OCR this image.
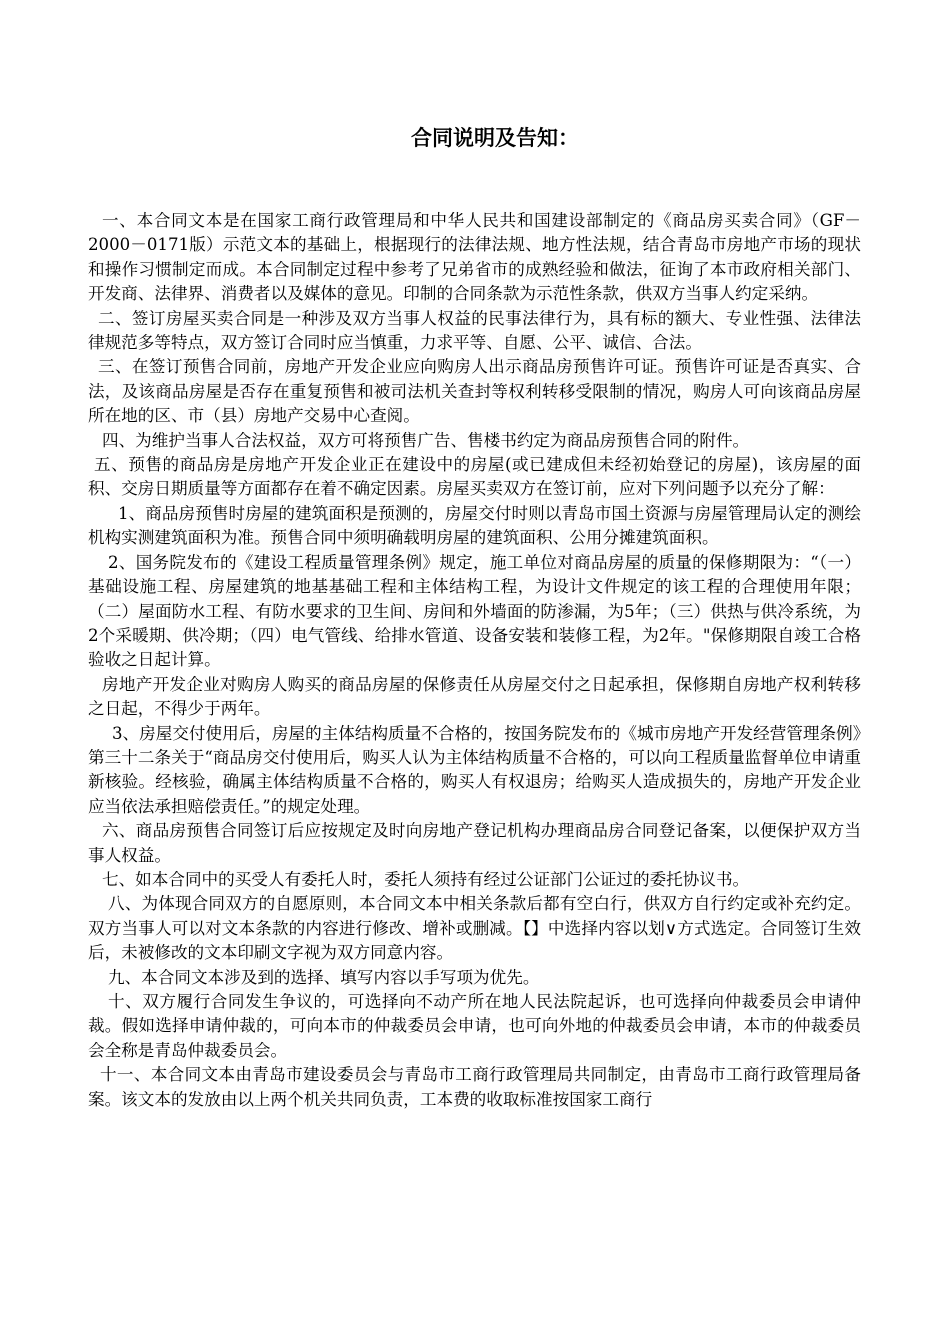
合同说明及告知：

一、本合同文本是在国家工商行政管理局和中华人民共和国建设部制定的《商品房买卖合同》（GF－2000－0171版）示范文本的基础上，根据现行的法律法规、地方性法规，结合青岛市房地产市场的现状和操作习惯制定而成。本合同制定过程中参考了兄弟省市的成熟经验和做法，征询了本市政府相关部门、开发商、法律界、消费者以及媒体的意见。印制的合同条款为示范性条款，供双方当事人约定采纳。

二、签订房屋买卖合同是一种涉及双方当事人权益的民事法律行为，具有标的额大、专业性强、法律法律规范多等特点，双方签订合同时应当慎重，力求平等、自愿、公平、诚信、合法。

三、在签订预售合同前，房地产开发企业应向购房人出示商品房预售许可证。预售许可证是否真实、合法，及该商品房屋是否存在重复预售和被司法机关查封等权利转移受限制的情况，购房人可向该商品房屋所在地的区、市（县）房地产交易中心查阅。

四、为维护当事人合法权益，双方可将预售广告、售楼书约定为商品房预售合同的附件。

五、预售的商品房是房地产开发企业正在建设中的房屋(或已建成但未经初始登记的房屋)，该房屋的面积、交房日期质量等方面都存在着不确定因素。房屋买卖双方在签订前，应对下列问题予以充分了解：

1、商品房预售时房屋的建筑面积是预测的，房屋交付时则以青岛市国土资源与房屋管理局认定的测绘机构实测建筑面积为准。预售合同中须明确载明房屋的建筑面积、公用分摊建筑面积。

2、国务院发布的《建设工程质量管理条例》规定，施工单位对商品房屋的质量的保修期限为：“（一）基础设施工程、房屋建筑的地基基础工程和主体结构工程，为设计文件规定的该工程的合理使用年限；（二）屋面防水工程、有防水要求的卫生间、房间和外墙面的防渗漏，为5年；（三）供热与供冷系统，为2个采暖期、供冷期；（四）电气管线、给排水管道、设备安装和装修工程，为2年。"保修期限自竣工合格验收之日起计算。

房地产开发企业对购房人购买的商品房屋的保修责任从房屋交付之日起承担，保修期自房地产权利转移之日起，不得少于两年。

3、房屋交付使用后，房屋的主体结构质量不合格的，按国务院发布的《城市房地产开发经营管理条例》第三十二条关于“商品房交付使用后，购买人认为主体结构质量不合格的，可以向工程质量监督单位申请重新核验。经核验，确属主体结构质量不合格的，购买人有权退房；给购买人造成损失的，房地产开发企业应当依法承担赔偿责任。”的规定处理。

六、商品房预售合同签订后应按规定及时向房地产登记机构办理商品房合同登记备案，以便保护双方当事人权益。

七、如本合同中的买受人有委托人时，委托人须持有经过公证部门公证过的委托协议书。

八、为体现合同双方的自愿原则，本合同文本中相关条款后都有空白行，供双方自行约定或补充约定。双方当事人可以对文本条款的内容进行修改、增补或删减。【】中选择内容以划∨方式选定。合同签订生效后，未被修改的文本印刷文字视为双方同意内容。

九、本合同文本涉及到的选择、填写内容以手写项为优先。

十、双方履行合同发生争议的，可选择向不动产所在地人民法院起诉，也可选择向仲裁委员会申请仲裁。假如选择申请仲裁的，可向本市的仲裁委员会申请，也可向外地的仲裁委员会申请，本市的仲裁委员会全称是青岛仲裁委员会。

十一、本合同文本由青岛市建设委员会与青岛市工商行政管理局共同制定，由青岛市工商行政管理局备案。该文本的发放由以上两个机关共同负责，工本费的收取标准按国家工商行
